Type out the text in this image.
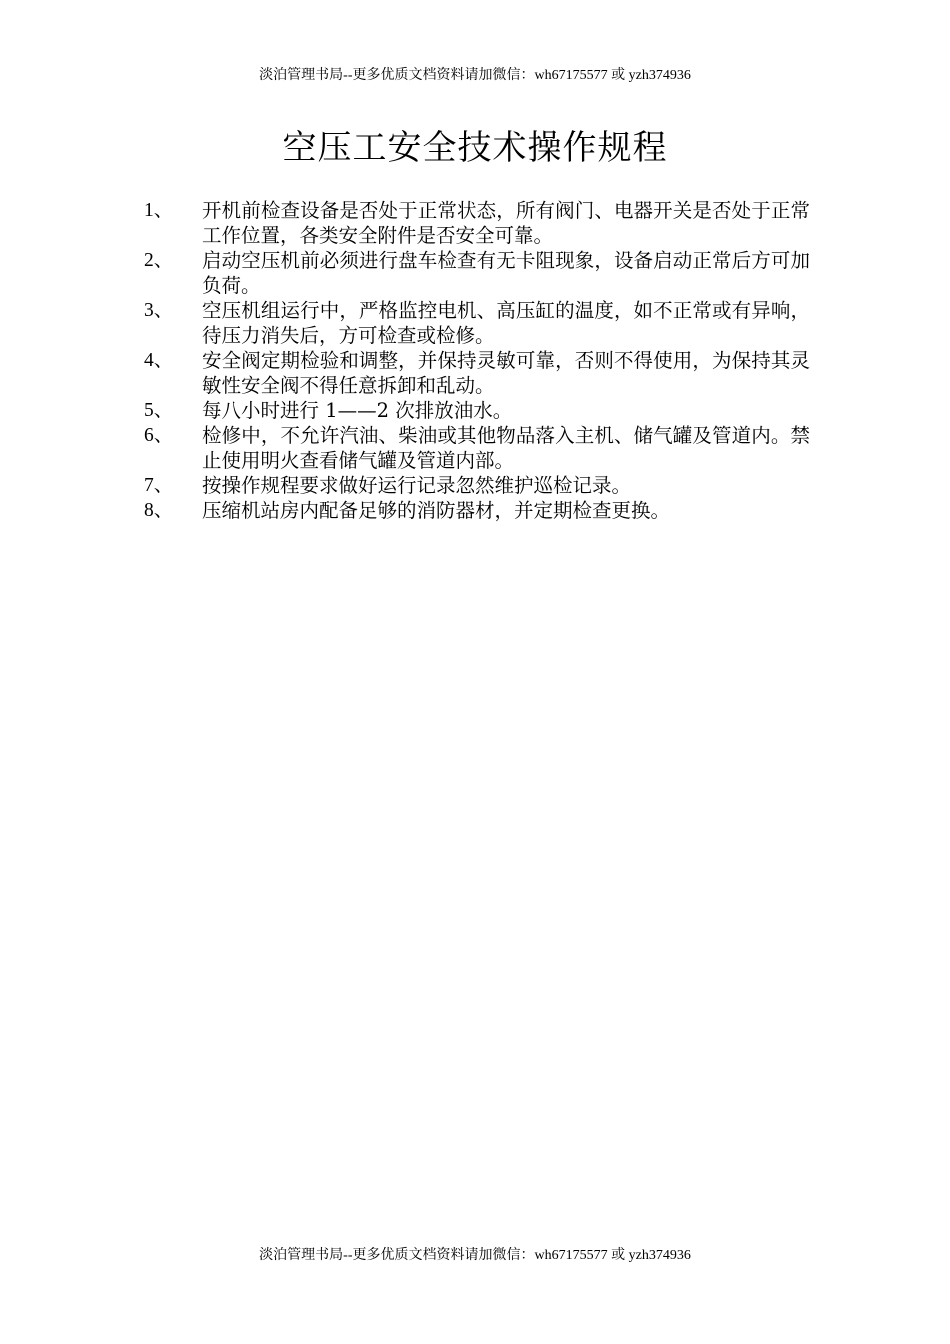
淡泊管理书局--更多优质文档资料请加微信：wh67175577 或 yzh374936
空压工安全技术操作规程
1、	开机前检查设备是否处于正常状态，所有阀门、电器开关是否处于正常工作位置，各类安全附件是否安全可靠。
2、	启动空压机前必须进行盘车检查有无卡阻现象，设备启动正常后方可加负荷。
3、	空压机组运行中，严格监控电机、高压缸的温度，如不正常或有异响，待压力消失后，方可检查或检修。
4、	安全阀定期检验和调整，并保持灵敏可靠，否则不得使用，为保持其灵敏性安全阀不得任意拆卸和乱动。
5、	每八小时进行 1——2 次排放油水。
6、	检修中，不允许汽油、柴油或其他物品落入主机、储气罐及管道内。禁止使用明火查看储气罐及管道内部。
7、	按操作规程要求做好运行记录忽然维护巡检记录。
8、	压缩机站房内配备足够的消防器材，并定期检查更换。
淡泊管理书局--更多优质文档资料请加微信：wh67175577 或 yzh374936
